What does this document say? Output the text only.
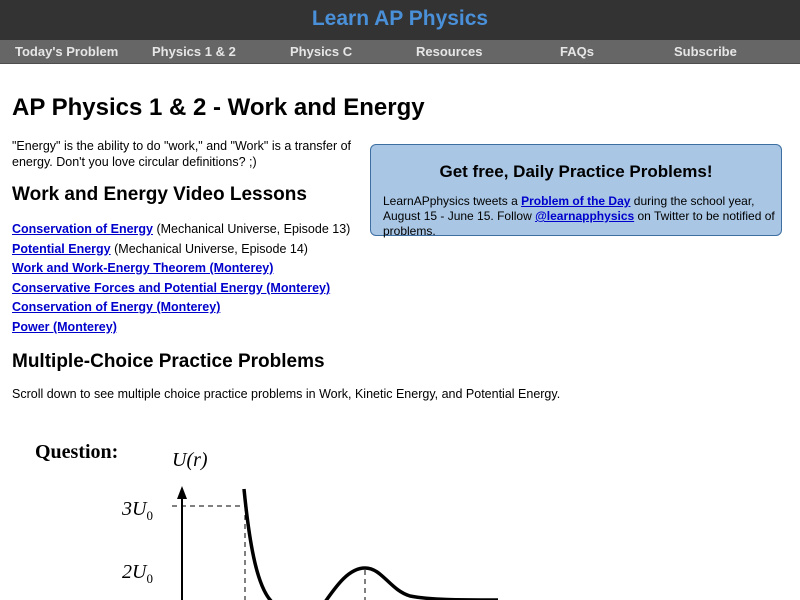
Learn AP Physics
Today's Problem	Physics 1 & 2	Physics C	Resources	FAQs	Subscribe
AP Physics 1 & 2 - Work and Energy

"Energy" is the ability to do "work," and "Work" is a transfer of energy. Don't you love circular definitions? ;)

Work and Energy Video Lessons
Conservation of Energy (Mechanical Universe, Episode 13)
Potential Energy (Mechanical Universe, Episode 14)
Work and Work-Energy Theorem (Monterey)
Conservative Forces and Potential Energy (Monterey)
Conservation of Energy (Monterey)
Power (Monterey)
Multiple-Choice Practice Problems

Scroll down to see multiple choice practice problems in Work, Kinetic Energy, and Potential Energy.

Get free, Daily Practice Problems!
LearnAPphysics tweets a Problem of the Day during the school year, August 15 - June 15. Follow @learnapphysics on Twitter to be notified of problems.
Question:	U(r)
$3U_0$
$2U_0$
